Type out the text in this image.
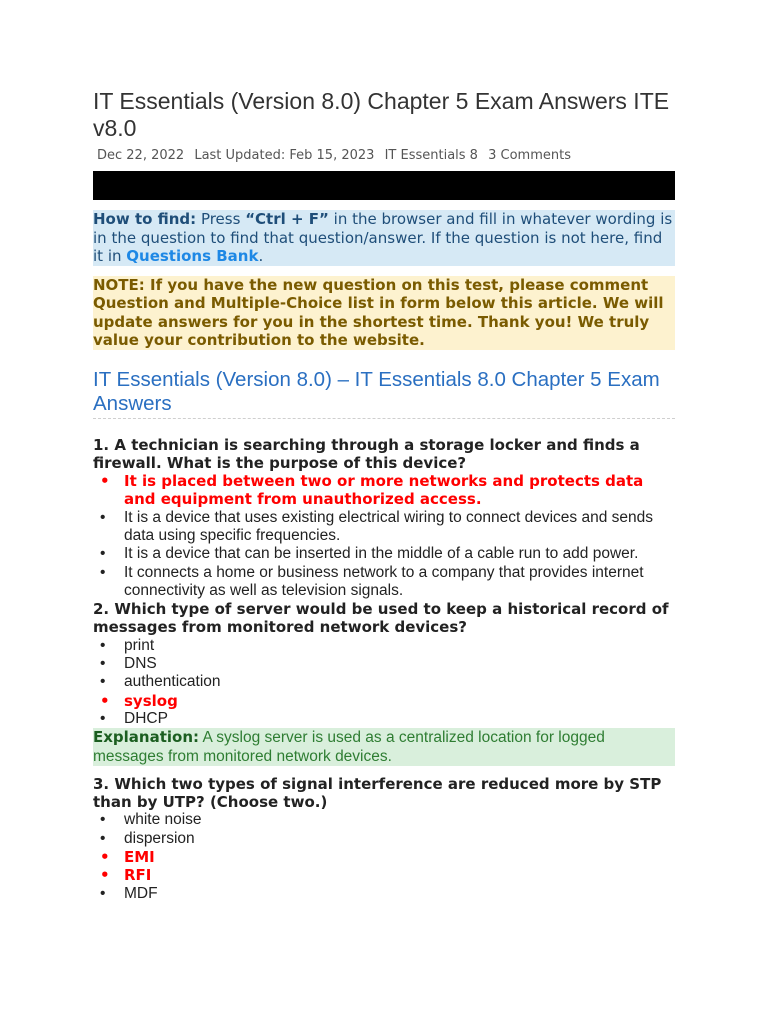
IT Essentials (Version 8.0) Chapter 5 Exam Answers ITE v8.0
Dec 22, 2022 Last Updated: Feb 15, 2023 IT Essentials 8 3 Comments
How to find: Press “Ctrl + F” in the browser and fill in whatever wording is in the question to find that question/answer. If the question is not here, find it in Questions Bank.
NOTE: If you have the new question on this test, please comment Question and Multiple-Choice list in form below this article. We will update answers for you in the shortest time. Thank you! We truly value your contribution to the website.
IT Essentials (Version 8.0) – IT Essentials 8.0 Chapter 5 Exam Answers
1. A technician is searching through a storage locker and finds a firewall. What is the purpose of this device?
• It is placed between two or more networks and protects data and equipment from unauthorized access.
• It is a device that uses existing electrical wiring to connect devices and sends data using specific frequencies.
• It is a device that can be inserted in the middle of a cable run to add power.
• It connects a home or business network to a company that provides internet connectivity as well as television signals.
2. Which type of server would be used to keep a historical record of messages from monitored network devices?
• print
• DNS
• authentication
• syslog
• DHCP
Explanation: A syslog server is used as a centralized location for logged messages from monitored network devices.
3. Which two types of signal interference are reduced more by STP than by UTP? (Choose two.)
• white noise
• dispersion
• EMI
• RFI
• MDF
